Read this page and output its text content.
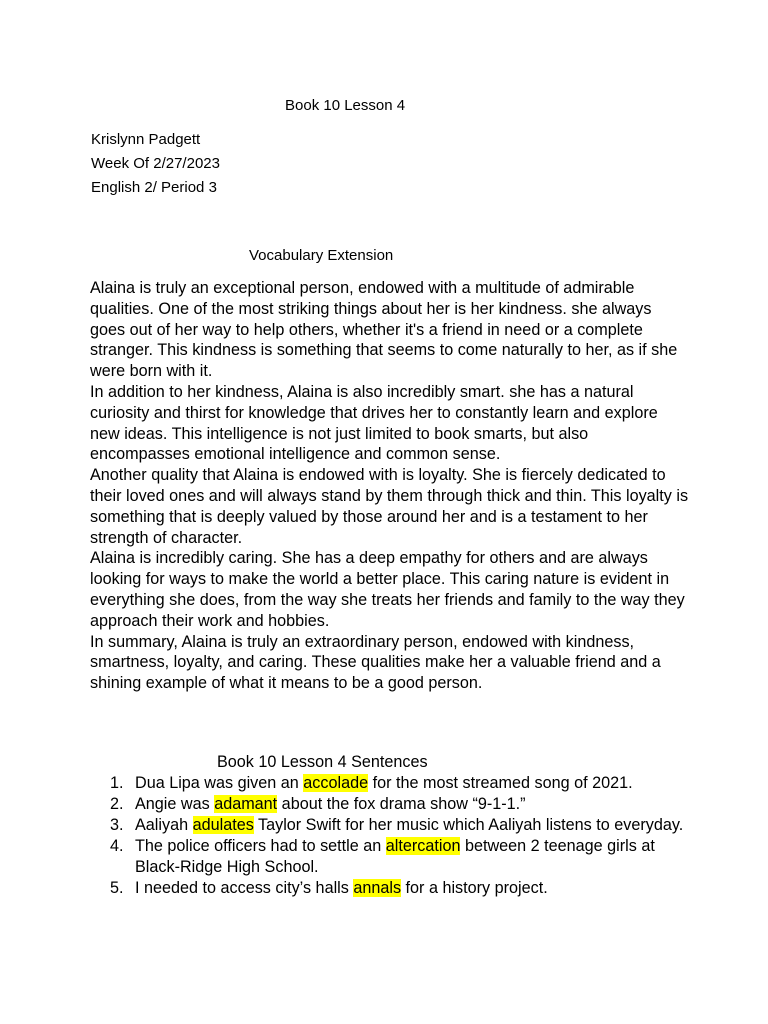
Book 10 Lesson 4
Krislynn Padgett
Week Of 2/27/2023
English 2/ Period 3
Vocabulary Extension

Alaina is truly an exceptional person, endowed with a multitude of admirable qualities. One of the most striking things about her is her kindness. she always goes out of her way to help others, whether it's a friend in need or a complete stranger. This kindness is something that seems to come naturally to her, as if she were born with it.

In addition to her kindness, Alaina is also incredibly smart. she has a natural curiosity and thirst for knowledge that drives her to constantly learn and explore new ideas. This intelligence is not just limited to book smarts, but also encompasses emotional intelligence and common sense.

Another quality that Alaina is endowed with is loyalty. She is fiercely dedicated to their loved ones and will always stand by them through thick and thin. This loyalty is something that is deeply valued by those around her and is a testament to her strength of character.

Alaina is incredibly caring. She has a deep empathy for others and are always looking for ways to make the world a better place. This caring nature is evident in everything she does, from the way she treats her friends and family to the way they approach their work and hobbies.

In summary, Alaina is truly an extraordinary person, endowed with kindness, smartness, loyalty, and caring. These qualities make her a valuable friend and a shining example of what it means to be a good person.

Book 10 Lesson 4 Sentences
1. Dua Lipa was given an accolade for the most streamed song of 2021.
2. Angie was adamant about the fox drama show “9-1-1.”
3. Aaliyah adulates Taylor Swift for her music which Aaliyah listens to everyday.
4. The police officers had to settle an altercation between 2 teenage girls at Black-Ridge High School.
5. I needed to access city’s halls annals for a history project.
